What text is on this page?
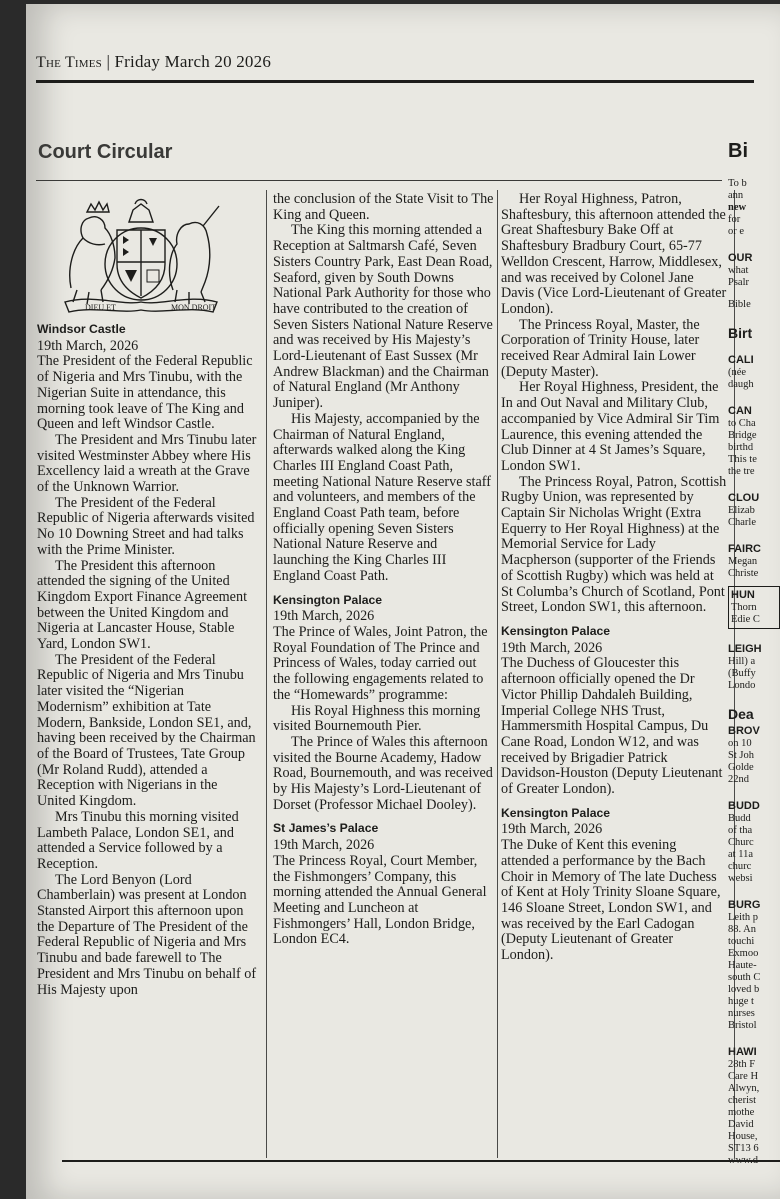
The Times | Friday March 20 2026
Court Circular
DIEU ET	MON DROIT

Windsor Castle

19th March, 2026

The President of the Federal Republic of Nigeria and Mrs Tinubu, with the Nigerian Suite in attendance, this morning took leave of The King and Queen and left Windsor Castle.

The President and Mrs Tinubu later visited Westminster Abbey where His Excellency laid a wreath at the Grave of the Unknown Warrior.

The President of the Federal Republic of Nigeria afterwards visited No 10 Downing Street and had talks with the Prime Minister.

The President this afternoon attended the signing of the United Kingdom Export Finance Agreement between the United Kingdom and Nigeria at Lancaster House, Stable Yard, London SW1.

The President of the Federal Republic of Nigeria and Mrs Tinubu later visited the “Nigerian Modernism” exhibition at Tate Modern, Bankside, London SE1, and, having been received by the Chairman of the Board of Trustees, Tate Group (Mr Roland Rudd), attended a Reception with Nigerians in the United Kingdom.

Mrs Tinubu this morning visited Lambeth Palace, London SE1, and attended a Service followed by a Reception.

The Lord Benyon (Lord Chamberlain) was present at London Stansted Airport this afternoon upon the Departure of The President of the Federal Republic of Nigeria and Mrs Tinubu and bade farewell to The President and Mrs Tinubu on behalf of His Majesty upon

the conclusion of the State Visit to The King and Queen.

The King this morning attended a Reception at Saltmarsh Café, Seven Sisters Country Park, East Dean Road, Seaford, given by South Downs National Park Authority for those who have contributed to the creation of Seven Sisters National Nature Reserve and was received by His Majesty’s Lord-Lieutenant of East Sussex (Mr Andrew Blackman) and the Chairman of Natural England (Mr Anthony Juniper).

His Majesty, accompanied by the Chairman of Natural England, afterwards walked along the King Charles III England Coast Path, meeting National Nature Reserve staff and volunteers, and members of the England Coast Path team, before officially opening Seven Sisters National Nature Reserve and launching the King Charles III England Coast Path.

Kensington Palace

19th March, 2026

The Prince of Wales, Joint Patron, the Royal Foundation of The Prince and Princess of Wales, today carried out the following engagements related to the “Homewards” programme:

His Royal Highness this morning visited Bournemouth Pier.

The Prince of Wales this afternoon visited the Bourne Academy, Hadow Road, Bournemouth, and was received by His Majesty’s Lord-Lieutenant of Dorset (Professor Michael Dooley).

St James’s Palace

19th March, 2026

The Princess Royal, Court Member, the Fishmongers’ Company, this morning attended the Annual General Meeting and Luncheon at Fishmongers’ Hall, London Bridge, London EC4.

Her Royal Highness, Patron, Shaftesbury, this afternoon attended the Great Shaftesbury Bake Off at Shaftesbury Bradbury Court, 65-77 Welldon Crescent, Harrow, Middlesex, and was received by Colonel Jane Davis (Vice Lord-Lieutenant of Greater London).

The Princess Royal, Master, the Corporation of Trinity House, later received Rear Admiral Iain Lower (Deputy Master).

Her Royal Highness, President, the In and Out Naval and Military Club, accompanied by Vice Admiral Sir Tim Laurence, this evening attended the Club Dinner at 4 St James’s Square, London SW1.

The Princess Royal, Patron, Scottish Rugby Union, was represented by Captain Sir Nicholas Wright (Extra Equerry to Her Royal Highness) at the Memorial Service for Lady Macpherson (supporter of the Friends of Scottish Rugby) which was held at St Columba’s Church of Scotland, Pont Street, London SW1, this afternoon.

Kensington Palace

19th March, 2026

The Duchess of Gloucester this afternoon officially opened the Dr Victor Phillip Dahdaleh Building, Imperial College NHS Trust, Hammersmith Hospital Campus, Du Cane Road, London W12, and was received by Brigadier Patrick Davidson-Houston (Deputy Lieutenant of Greater London).

Kensington Palace

19th March, 2026

The Duke of Kent this evening attended a performance by the Bach Choir in Memory of The late Duchess of Kent at Holy Trinity Sloane Square, 146 Sloane Street, London SW1, and was received by the Earl Cadogan (Deputy Lieutenant of Greater London).

Bi
To b
ann
new
for
or e
OUR
what
Psalr
Bible
Birt
CALI
(née
daugh
CAN
to Cha
Bridge
birthd
This te
the tre
CLOU
Elizab
Charle
FAIRC
Megan
Christe
HUN
Thorn
Edie C
LEIGH
Hill) a
(Buffy
Londo
Dea
BROV
on 10
St Joh
Golde
22nd
BUDD
Budd
of tha
Churc
at 11a
churc
websi
BURG
Leith p
88. An
touchi
Exmoo
Haute-
south C
loved b
huge t
nurses
Bristol
HAWI
28th F
Care H
Alwyn,
cherist
mothe
David
House,
ST13 6
